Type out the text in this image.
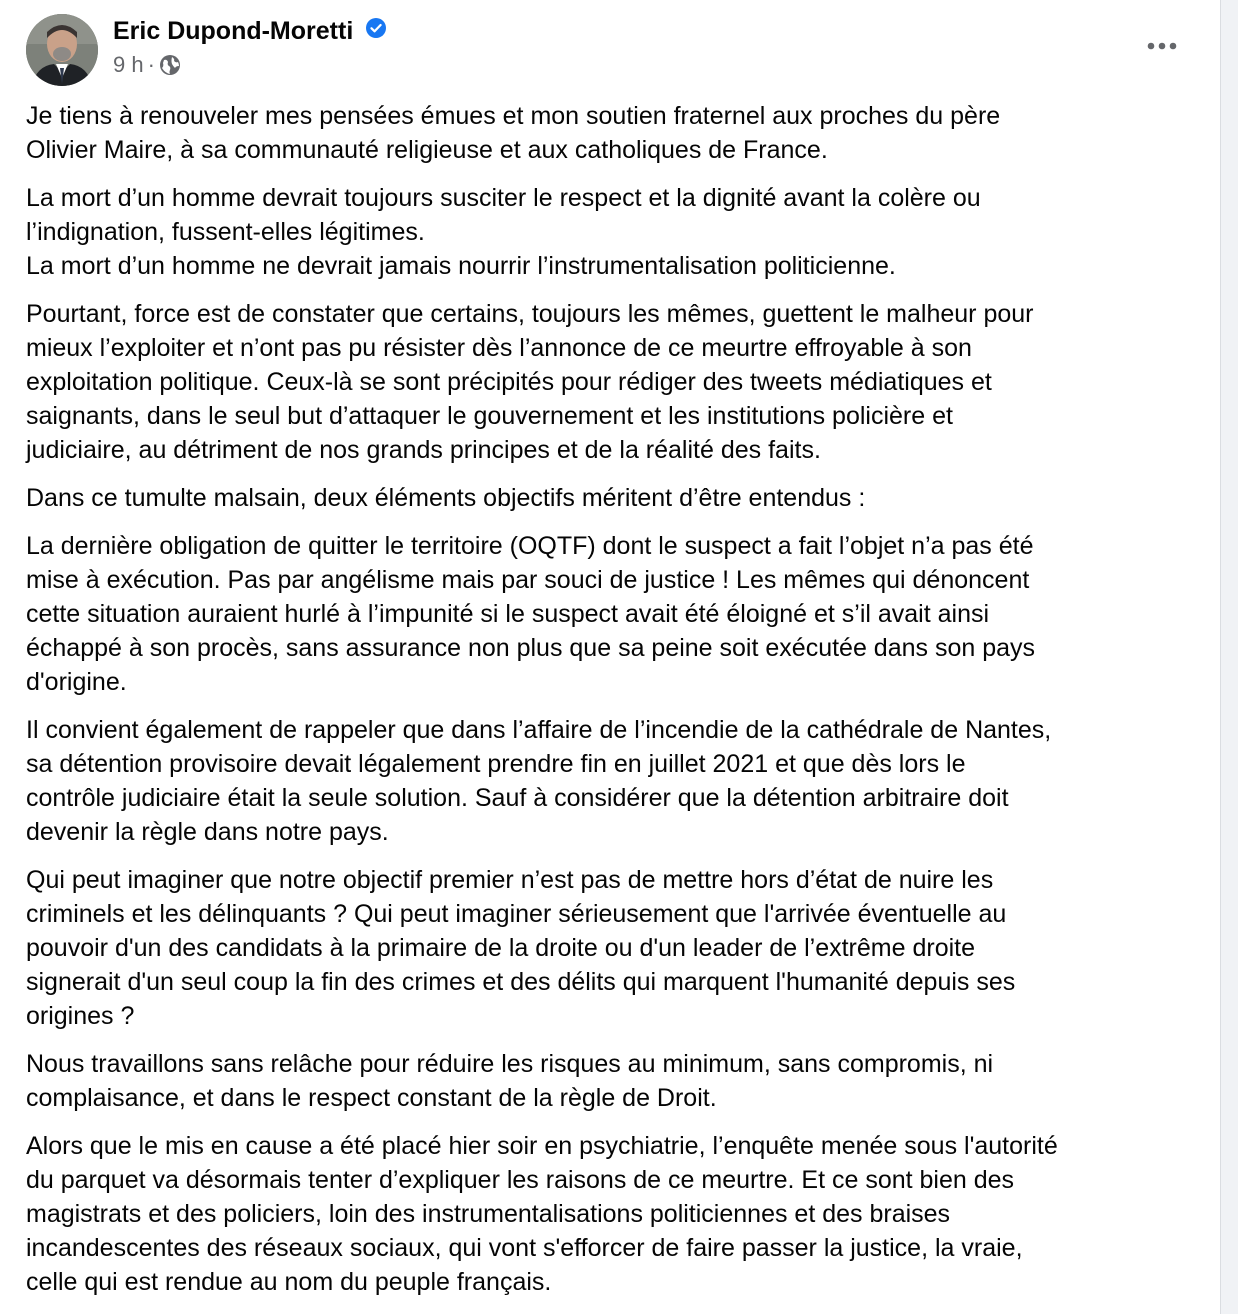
Eric Dupond-Moretti
9 h ·

Je tiens à renouveler mes pensées émues et mon soutien fraternel aux proches du père
Olivier Maire, à sa communauté religieuse et aux catholiques de France.

La mort d’un homme devrait toujours susciter le respect et la dignité avant la colère ou
l’indignation, fussent-elles légitimes.
La mort d’un homme ne devrait jamais nourrir l’instrumentalisation politicienne.

Pourtant, force est de constater que certains, toujours les mêmes, guettent le malheur pour
mieux l’exploiter et n’ont pas pu résister dès l’annonce de ce meurtre effroyable à son
exploitation politique. Ceux-là se sont précipités pour rédiger des tweets médiatiques et
saignants, dans le seul but d’attaquer le gouvernement et les institutions policière et
judiciaire, au détriment de nos grands principes et de la réalité des faits.

Dans ce tumulte malsain, deux éléments objectifs méritent d’être entendus :

La dernière obligation de quitter le territoire (OQTF) dont le suspect a fait l’objet n’a pas été
mise à exécution. Pas par angélisme mais par souci de justice ! Les mêmes qui dénoncent
cette situation auraient hurlé à l’impunité si le suspect avait été éloigné et s’il avait ainsi
échappé à son procès, sans assurance non plus que sa peine soit exécutée dans son pays
d'origine.

Il convient également de rappeler que dans l’affaire de l’incendie de la cathédrale de Nantes,
sa détention provisoire devait légalement prendre fin en juillet 2021 et que dès lors le
contrôle judiciaire était la seule solution. Sauf à considérer que la détention arbitraire doit
devenir la règle dans notre pays.

Qui peut imaginer que notre objectif premier n’est pas de mettre hors d’état de nuire les
criminels et les délinquants ? Qui peut imaginer sérieusement que l'arrivée éventuelle au
pouvoir d'un des candidats à la primaire de la droite ou d'un leader de l’extrême droite
signerait d'un seul coup la fin des crimes et des délits qui marquent l'humanité depuis ses
origines ?

Nous travaillons sans relâche pour réduire les risques au minimum, sans compromis, ni
complaisance, et dans le respect constant de la règle de Droit.

Alors que le mis en cause a été placé hier soir en psychiatrie, l’enquête menée sous l'autorité
du parquet va désormais tenter d’expliquer les raisons de ce meurtre. Et ce sont bien des
magistrats et des policiers, loin des instrumentalisations politiciennes et des braises
incandescentes des réseaux sociaux, qui vont s'efforcer de faire passer la justice, la vraie,
celle qui est rendue au nom du peuple français.
